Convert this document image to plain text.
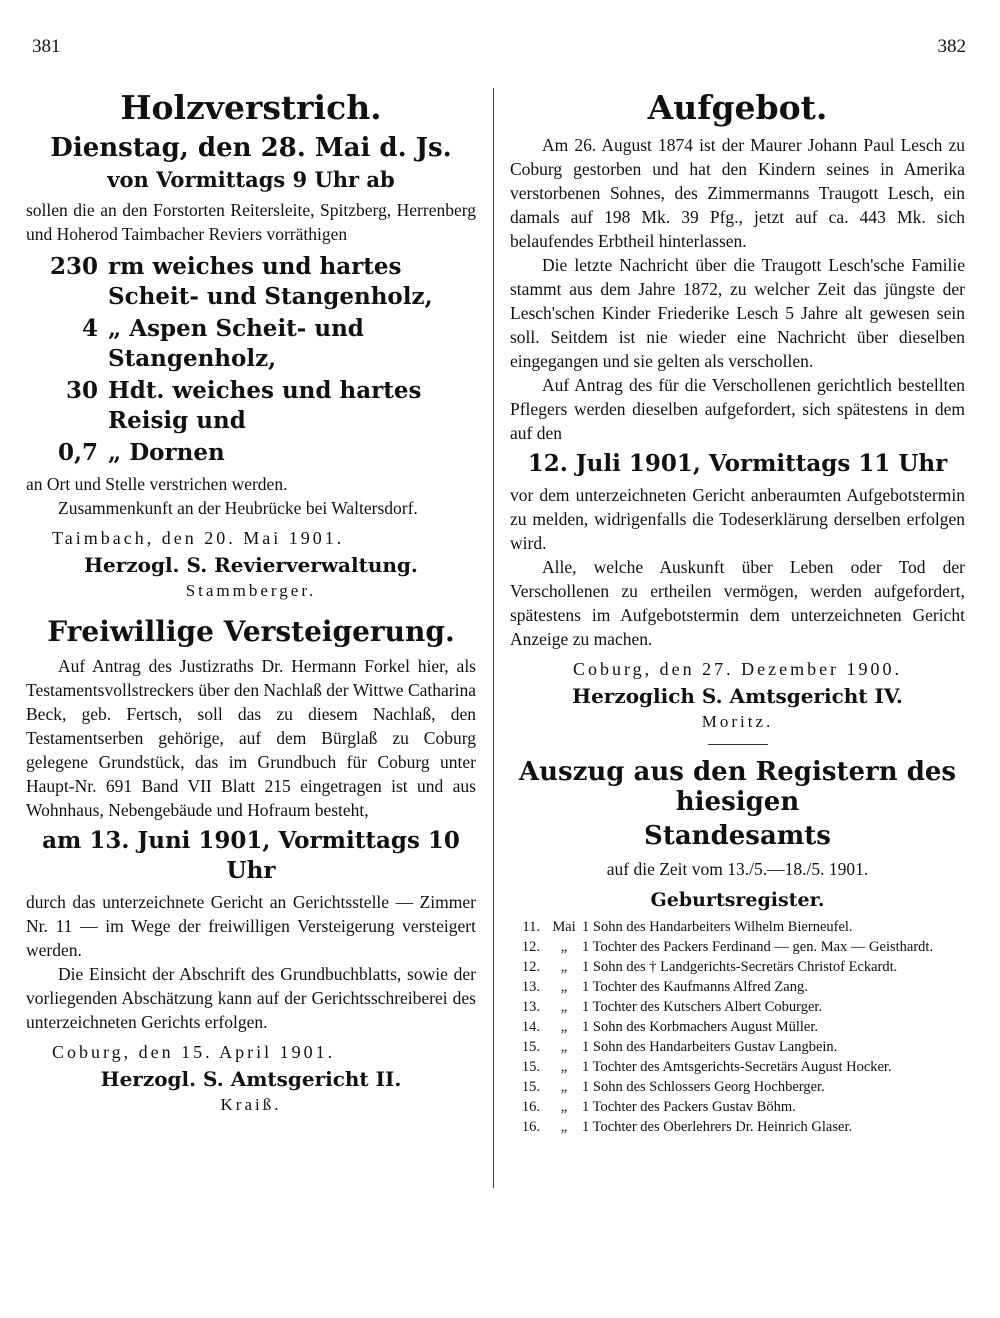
381	382
Holzverstrich.
Dienstag, den 28. Mai d. Js.
von Vormittags 9 Uhr ab

sollen die an den Forstorten Reitersleite, Spitzberg, Herrenberg und Hoherod Taimbacher Reviers vorräthigen

230 rm weiches und hartes Scheit- und Stangenholz,
4 „ Aspen Scheit- und Stangenholz,
30 Hdt. weiches und hartes Reisig und
0,7 „ Dornen

an Ort und Stelle verstrichen werden.

Zusammenkunft an der Heubrücke bei Waltersdorf.

Taimbach, den 20. Mai 1901.
Herzogl. S. Revierverwaltung.
Stammberger.
Freiwillige Versteigerung.

Auf Antrag des Justizraths Dr. Hermann Forkel hier, als Testamentsvollstreckers über den Nachlaß der Wittwe Catharina Beck, geb. Fertsch, soll das zu diesem Nachlaß, den Testamentserben gehörige, auf dem Bürglaß zu Coburg gelegene Grundstück, das im Grundbuch für Coburg unter Haupt-Nr. 691 Band VII Blatt 215 eingetragen ist und aus Wohnhaus, Nebengebäude und Hofraum besteht,

am 13. Juni 1901, Vormittags 10 Uhr

durch das unterzeichnete Gericht an Gerichtsstelle — Zimmer Nr. 11 — im Wege der freiwilligen Versteigerung versteigert werden.

Die Einsicht der Abschrift des Grundbuchblatts, sowie der vorliegenden Abschätzung kann auf der Gerichtsschreiberei des unterzeichneten Gerichts erfolgen.

Coburg, den 15. April 1901.
Herzogl. S. Amtsgericht II.
Kraiß.
Aufgebot.

Am 26. August 1874 ist der Maurer Johann Paul Lesch zu Coburg gestorben und hat den Kindern seines in Amerika verstorbenen Sohnes, des Zimmermanns Traugott Lesch, ein damals auf 198 Mk. 39 Pfg., jetzt auf ca. 443 Mk. sich belaufendes Erbtheil hinterlassen.

Die letzte Nachricht über die Traugott Lesch'sche Familie stammt aus dem Jahre 1872, zu welcher Zeit das jüngste der Lesch'schen Kinder Friederike Lesch 5 Jahre alt gewesen sein soll. Seitdem ist nie wieder eine Nachricht über dieselben eingegangen und sie gelten als verschollen.

Auf Antrag des für die Verschollenen gerichtlich bestellten Pflegers werden dieselben aufgefordert, sich spätestens in dem auf den

12. Juli 1901, Vormittags 11 Uhr

vor dem unterzeichneten Gericht anberaumten Aufgebotstermin zu melden, widrigenfalls die Todeserklärung derselben erfolgen wird.

Alle, welche Auskunft über Leben oder Tod der Verschollenen zu ertheilen vermögen, werden aufgefordert, spätestens im Aufgebotstermin dem unterzeichneten Gericht Anzeige zu machen.

Coburg, den 27. Dezember 1900.
Herzoglich S. Amtsgericht IV.
Moritz.
Auszug aus den Registern des hiesigen
Standesamts
auf die Zeit vom 13./5.—18./5. 1901.
Geburtsregister.
11. Mai 1 Sohn des Handarbeiters Wilhelm Bierneufel.
12.	„	1 Tochter des Packers Ferdinand — gen. Max — Geisthardt.
12.	„	1 Sohn des † Landgerichts-Secretärs Christof Eckardt.
13.	„	1 Tochter des Kaufmanns Alfred Zang.
13.	„	1 Tochter des Kutschers Albert Coburger.
14.	„	1 Sohn des Korbmachers August Müller.
15.	„	1 Sohn des Handarbeiters Gustav Langbein.
15.	„	1 Tochter des Amtsgerichts-Secretärs August Hocker.
15.	„	1 Sohn des Schlossers Georg Hochberger.
16.	„	1 Tochter des Packers Gustav Böhm.
16.	„	1 Tochter des Oberlehrers Dr. Heinrich Glaser.
